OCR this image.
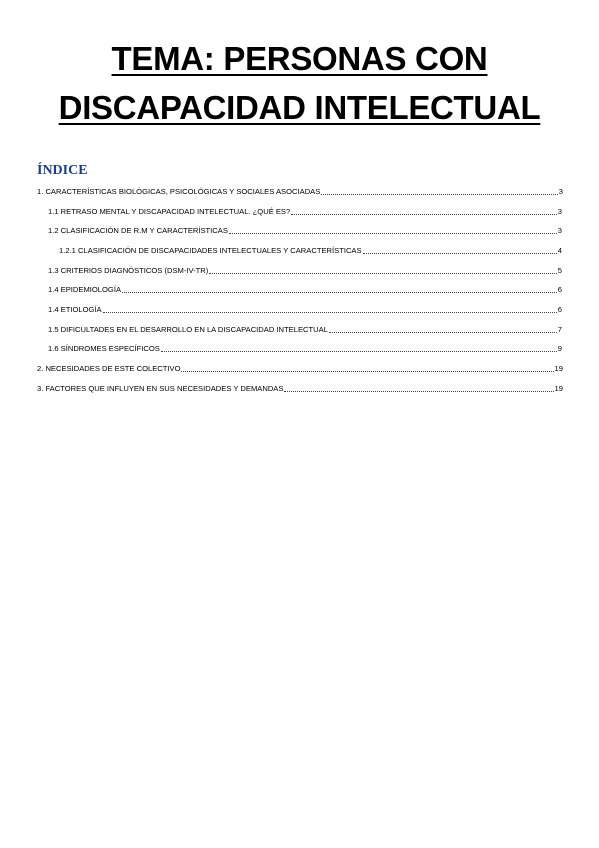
TEMA: PERSONAS CON
DISCAPACIDAD INTELECTUAL
ÍNDICE
1. CARACTERÍSTICAS BIOLÓGICAS, PSICOLÓGICAS Y SOCIALES ASOCIADAS	3
1.1 RETRASO MENTAL Y DISCAPACIDAD INTELECTUAL. ¿QUÉ ES?	3
1.2 CLASIFICACIÓN DE R.M Y CARACTERÍSTICAS	3
1.2.1 CLASIFICACIÓN DE DISCAPACIDADES INTELECTUALES Y CARACTERÍSTICAS	4
1.3 CRITERIOS DIAGNÓSTICOS (DSM-IV-TR)	5
1.4 EPIDEMIOLOGÍA	6
1.4 ETIOLOGÍA	6
1.5 DIFICULTADES EN EL DESARROLLO EN LA DISCAPACIDAD INTELECTUAL	7
1.6 SÍNDROMES ESPECÍFICOS	9
2. NECESIDADES DE ESTE COLECTIVO	19
3. FACTORES QUE INFLUYEN EN SUS NECESIDADES Y DEMANDAS	19
